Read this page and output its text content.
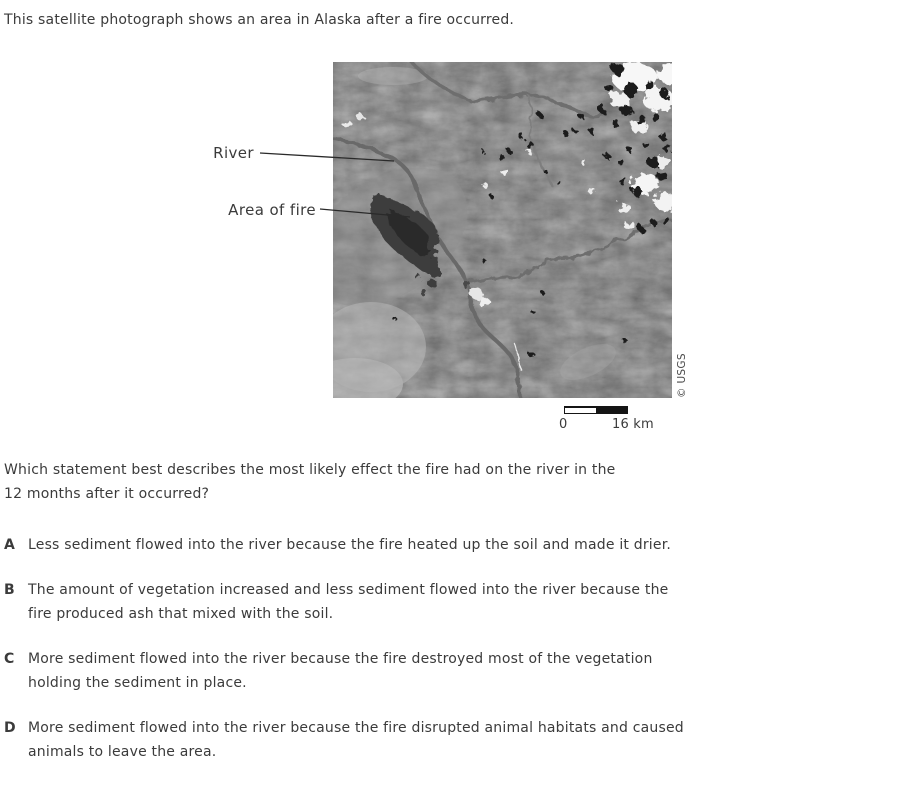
This satellite photograph shows an area in Alaska after a fire occurred.
River
Area of fire
© USGS
0	16 km
Which statement best describes the most likely effect the fire had on the river in the
12 months after it occurred?
A Less sediment flowed into the river because the fire heated up the soil and made it drier.
B The amount of vegetation increased and less sediment flowed into the river because the
fire produced ash that mixed with the soil.
C More sediment flowed into the river because the fire destroyed most of the vegetation
holding the sediment in place.
D More sediment flowed into the river because the fire disrupted animal habitats and caused
animals to leave the area.
